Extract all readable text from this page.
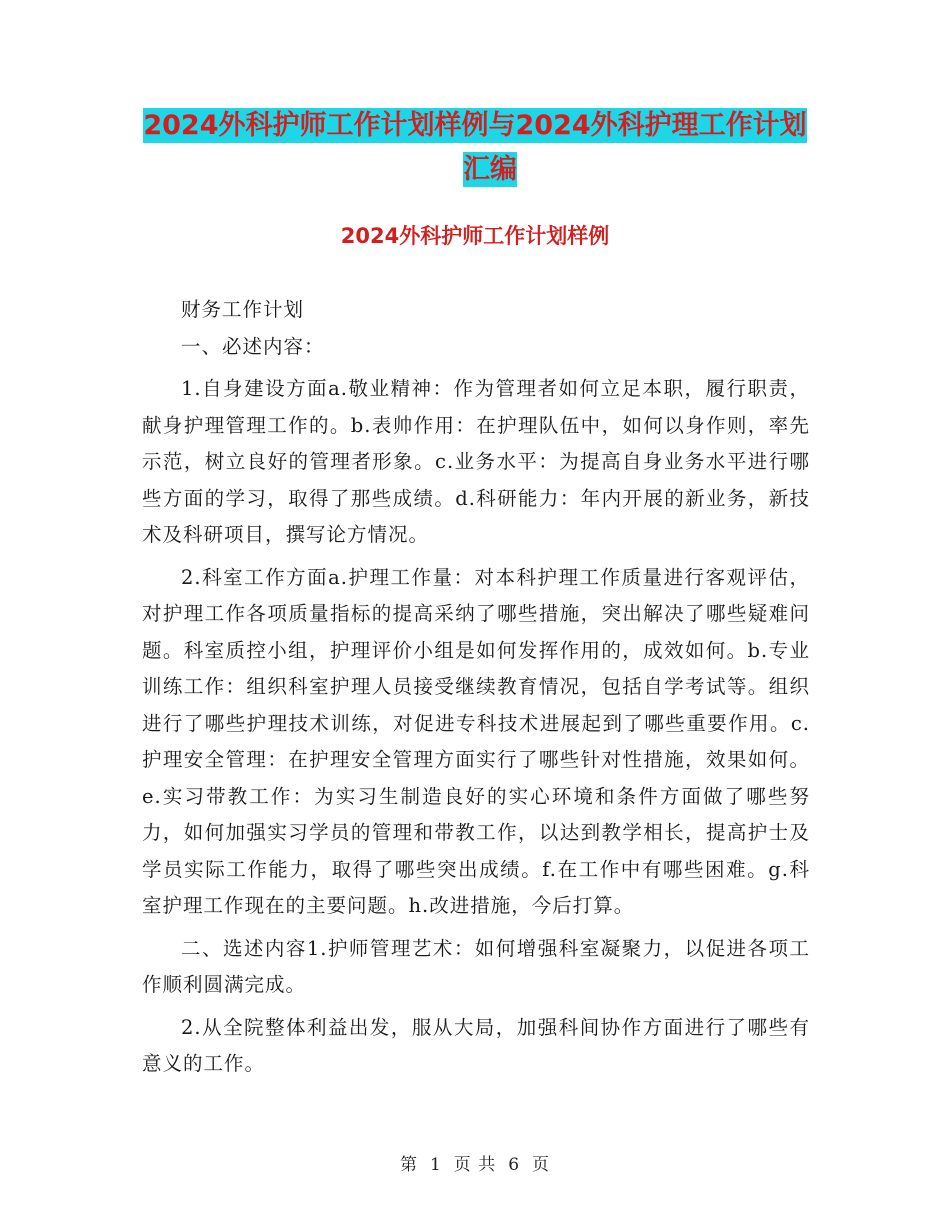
2024外科护师工作计划样例与2024外科护理工作计划
汇编
2024外科护师工作计划样例

财务工作计划

一、必述内容：

1.自身建设方面a.敬业精神：作为管理者如何立足本职，履行职责，献身护理管理工作的。b.表帅作用：在护理队伍中，如何以身作则，率先示范，树立良好的管理者形象。c.业务水平：为提高自身业务水平进行哪些方面的学习，取得了那些成绩。d.科研能力：年内开展的新业务，新技术及科研项目，撰写论方情况。

2.科室工作方面a.护理工作量：对本科护理工作质量进行客观评估，对护理工作各项质量指标的提高采纳了哪些措施，突出解决了哪些疑难问题。科室质控小组，护理评价小组是如何发挥作用的，成效如何。b.专业训练工作：组织科室护理人员接受继续教育情况，包括自学考试等。组织进行了哪些护理技术训练，对促进专科技术进展起到了哪些重要作用。c.护理安全管理：在护理安全管理方面实行了哪些针对性措施，效果如何。e.实习带教工作：为实习生制造良好的实心环境和条件方面做了哪些努力，如何加强实习学员的管理和带教工作，以达到教学相长，提高护士及学员实际工作能力，取得了哪些突出成绩。f.在工作中有哪些困难。g.科室护理工作现在的主要问题。h.改进措施，今后打算。

二、选述内容1.护师管理艺术：如何增强科室凝聚力，以促进各项工作顺利圆满完成。

2.从全院整体利益出发，服从大局，加强科间协作方面进行了哪些有意义的工作。

第 1 页 共 6 页
